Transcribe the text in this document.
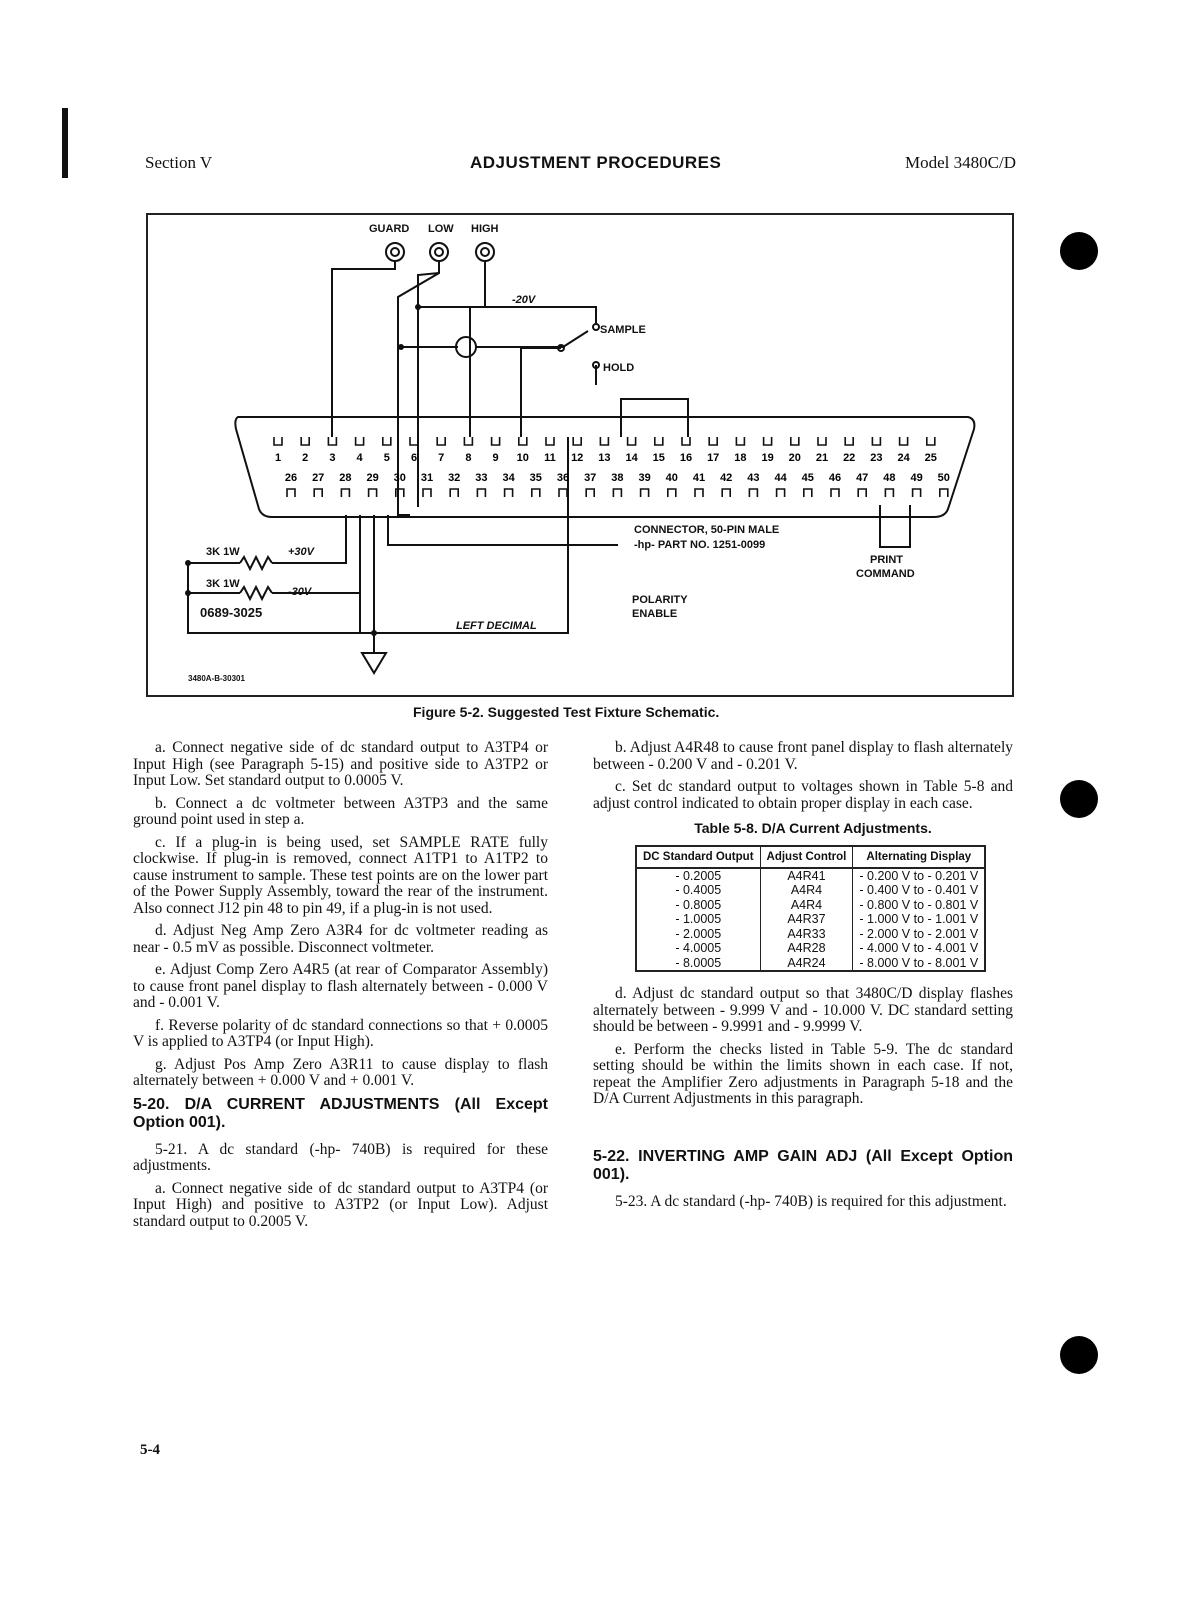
Section V	ADJUSTMENT PROCEDURES	Model 3480C/D
1 2 3 4 5 6 7 8 9 10 11 12 13 14 15 16 17 18 19 20 21 22 23 24 25
26 27 28 29 30 31 32 33 34 35 36 37 38 39 40 41 42 43 44 45 46 47 48 49 50
GUARD LOW HIGH
-20V
SAMPLE
HOLD
3K 1W	+30V
3K 1W
-30V
0689-3025
LEFT DECIMAL
CONNECTOR, 50-PIN MALE
-hp- PART NO. 1251-0099
PRINT
COMMAND
POLARITY
ENABLE
3480A-B-30301
Figure 5-2. Suggested Test Fixture Schematic.

a. Connect negative side of dc standard output to A3TP4 or Input High (see Paragraph 5-15) and positive side to A3TP2 or Input Low. Set standard output to 0.0005 V.

b. Connect a dc voltmeter between A3TP3 and the same ground point used in step a.

c. If a plug-in is being used, set SAMPLE RATE fully clockwise. If plug-in is removed, connect A1TP1 to A1TP2 to cause instrument to sample. These test points are on the lower part of the Power Supply Assembly, toward the rear of the instrument. Also connect J12 pin 48 to pin 49, if a plug-in is not used.

d. Adjust Neg Amp Zero A3R4 for dc voltmeter reading as near - 0.5 mV as possible. Disconnect voltmeter.

e. Adjust Comp Zero A4R5 (at rear of Comparator Assembly) to cause front panel display to flash alternately between - 0.000 V and - 0.001 V.

f. Reverse polarity of dc standard connections so that + 0.0005 V is applied to A3TP4 (or Input High).

g. Adjust Pos Amp Zero A3R11 to cause display to flash alternately between + 0.000 V and + 0.001 V.

5-20. D/A CURRENT ADJUSTMENTS (All Except Option 001).

5-21. A dc standard (-hp- 740B) is required for these adjustments.

a. Connect negative side of dc standard output to A3TP4 (or Input High) and positive to A3TP2 (or Input Low). Adjust standard output to 0.2005 V.

b. Adjust A4R48 to cause front panel display to flash alternately between - 0.200 V and - 0.201 V.

c. Set dc standard output to voltages shown in Table 5-8 and adjust control indicated to obtain proper display in each case.

Table 5-8. D/A Current Adjustments.
DC Standard Output	Adjust Control	Alternating Display
- 0.2005	A4R41	- 0.200 V to - 0.201 V
- 0.4005	A4R4	- 0.400 V to - 0.401 V
- 0.8005	A4R4	- 0.800 V to - 0.801 V
- 1.0005	A4R37	- 1.000 V to - 1.001 V
- 2.0005	A4R33	- 2.000 V to - 2.001 V
- 4.0005	A4R28	- 4.000 V to - 4.001 V
- 8.0005	A4R24	- 8.000 V to - 8.001 V

d. Adjust dc standard output so that 3480C/D display flashes alternately between - 9.999 V and - 10.000 V. DC standard setting should be between - 9.9991 and - 9.9999 V.

e. Perform the checks listed in Table 5-9. The dc standard setting should be within the limits shown in each case. If not, repeat the Amplifier Zero adjustments in Paragraph 5-18 and the D/A Current Adjustments in this paragraph.

5-22. INVERTING AMP GAIN ADJ (All Except Option 001).

5-23. A dc standard (-hp- 740B) is required for this adjustment.

5-4
